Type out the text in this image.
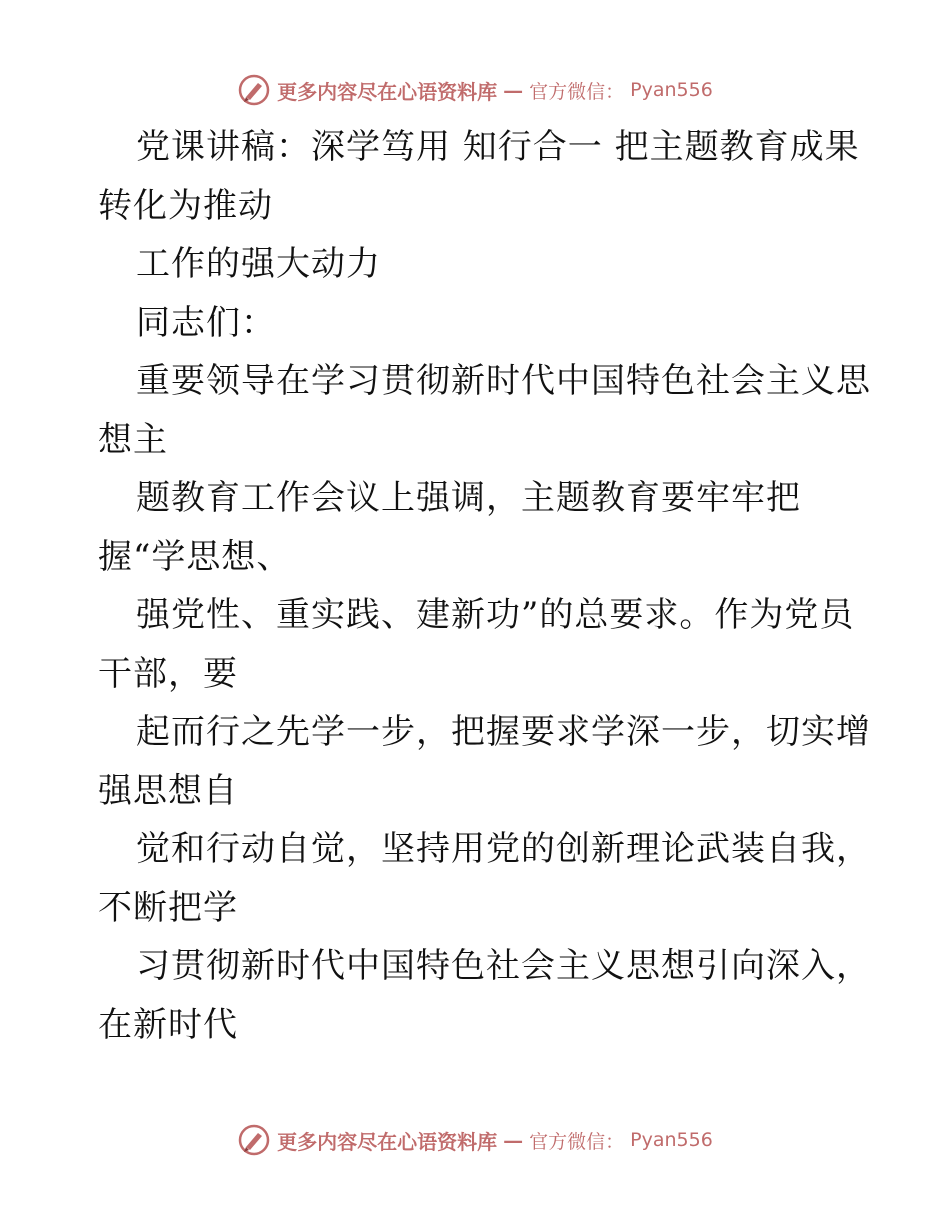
更多内容尽在心语资料库 — 官方微信： Pyan556
党课讲稿：深学笃用 知行合一 把主题教育成果
转化为推动
工作的强大动力
同志们：
重要领导在学习贯彻新时代中国特色社会主义思
想主
题教育工作会议上强调，主题教育要牢牢把
握“学思想、
强党性、重实践、建新功”的总要求。作为党员
干部，要
起而行之先学一步，把握要求学深一步，切实增
强思想自
觉和行动自觉，坚持用党的创新理论武装自我，
不断把学
习贯彻新时代中国特色社会主义思想引向深入，
在新时代
更多内容尽在心语资料库 — 官方微信： Pyan556
